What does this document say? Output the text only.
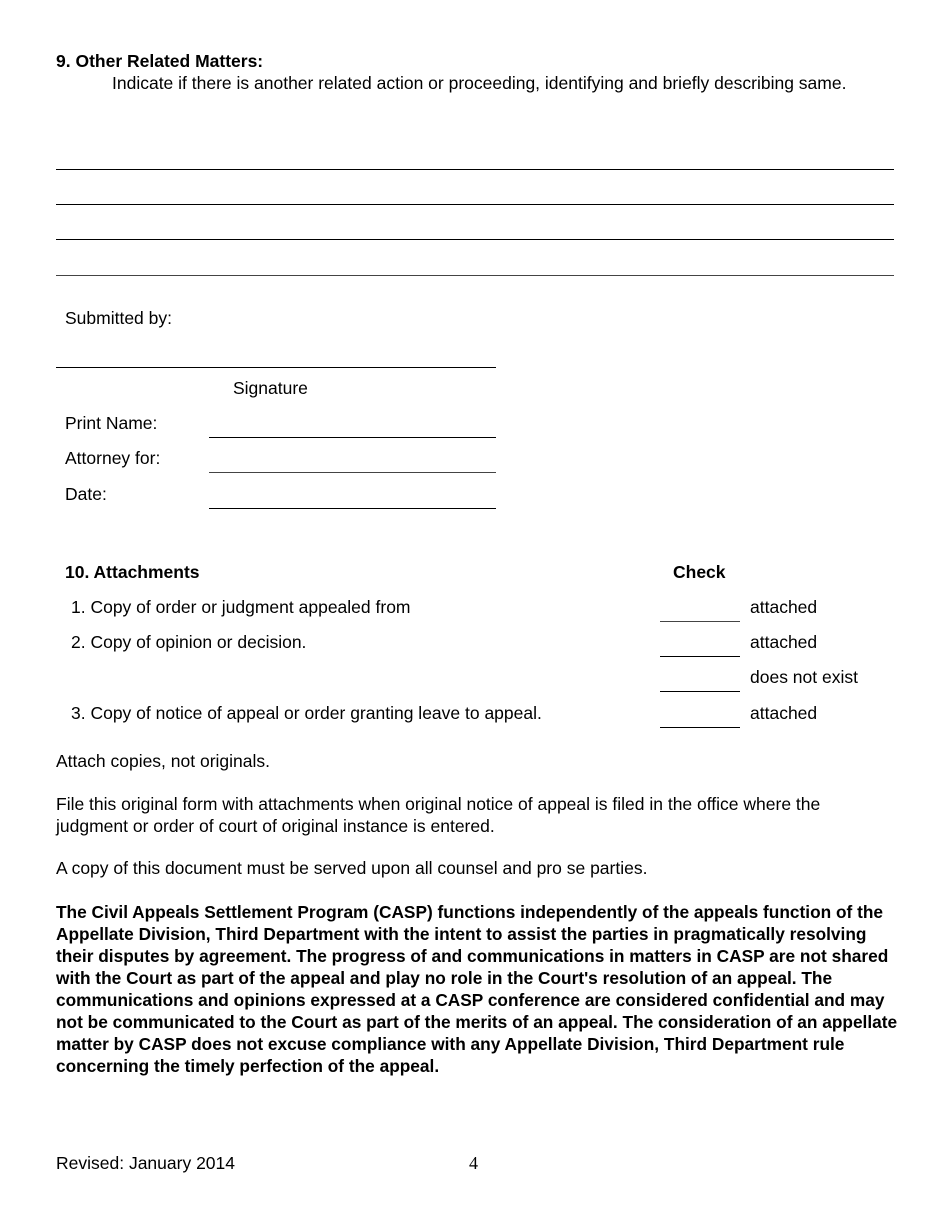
9. Other Related Matters:
Indicate if there is another related action or proceeding, identifying and briefly describing same.
Submitted by:
Signature
Print Name:
Attorney for:
Date:
10. Attachments	Check
1. Copy of order or judgment appealed from	attached
2. Copy of opinion or decision.	attached
does not exist
3. Copy of notice of appeal or order granting leave to appeal.	attached
Attach copies, not originals.
File this original form with attachments when original notice of appeal is filed in the office where the judgment or order of court of original instance is entered.
A copy of this document must be served upon all counsel and pro se parties.
The Civil Appeals Settlement Program (CASP) functions independently of the appeals function of the Appellate Division, Third Department with the intent to assist the parties in pragmatically resolving their disputes by agreement. The progress of and communications in matters in CASP are not shared with the Court as part of the appeal and play no role in the Court's resolution of an appeal. The communications and opinions expressed at a CASP conference are considered confidential and may not be communicated to the Court as part of the merits of an appeal. The consideration of an appellate matter by CASP does not excuse compliance with any Appellate Division, Third Department rule concerning the timely perfection of the appeal.
Revised: January 2014	4
